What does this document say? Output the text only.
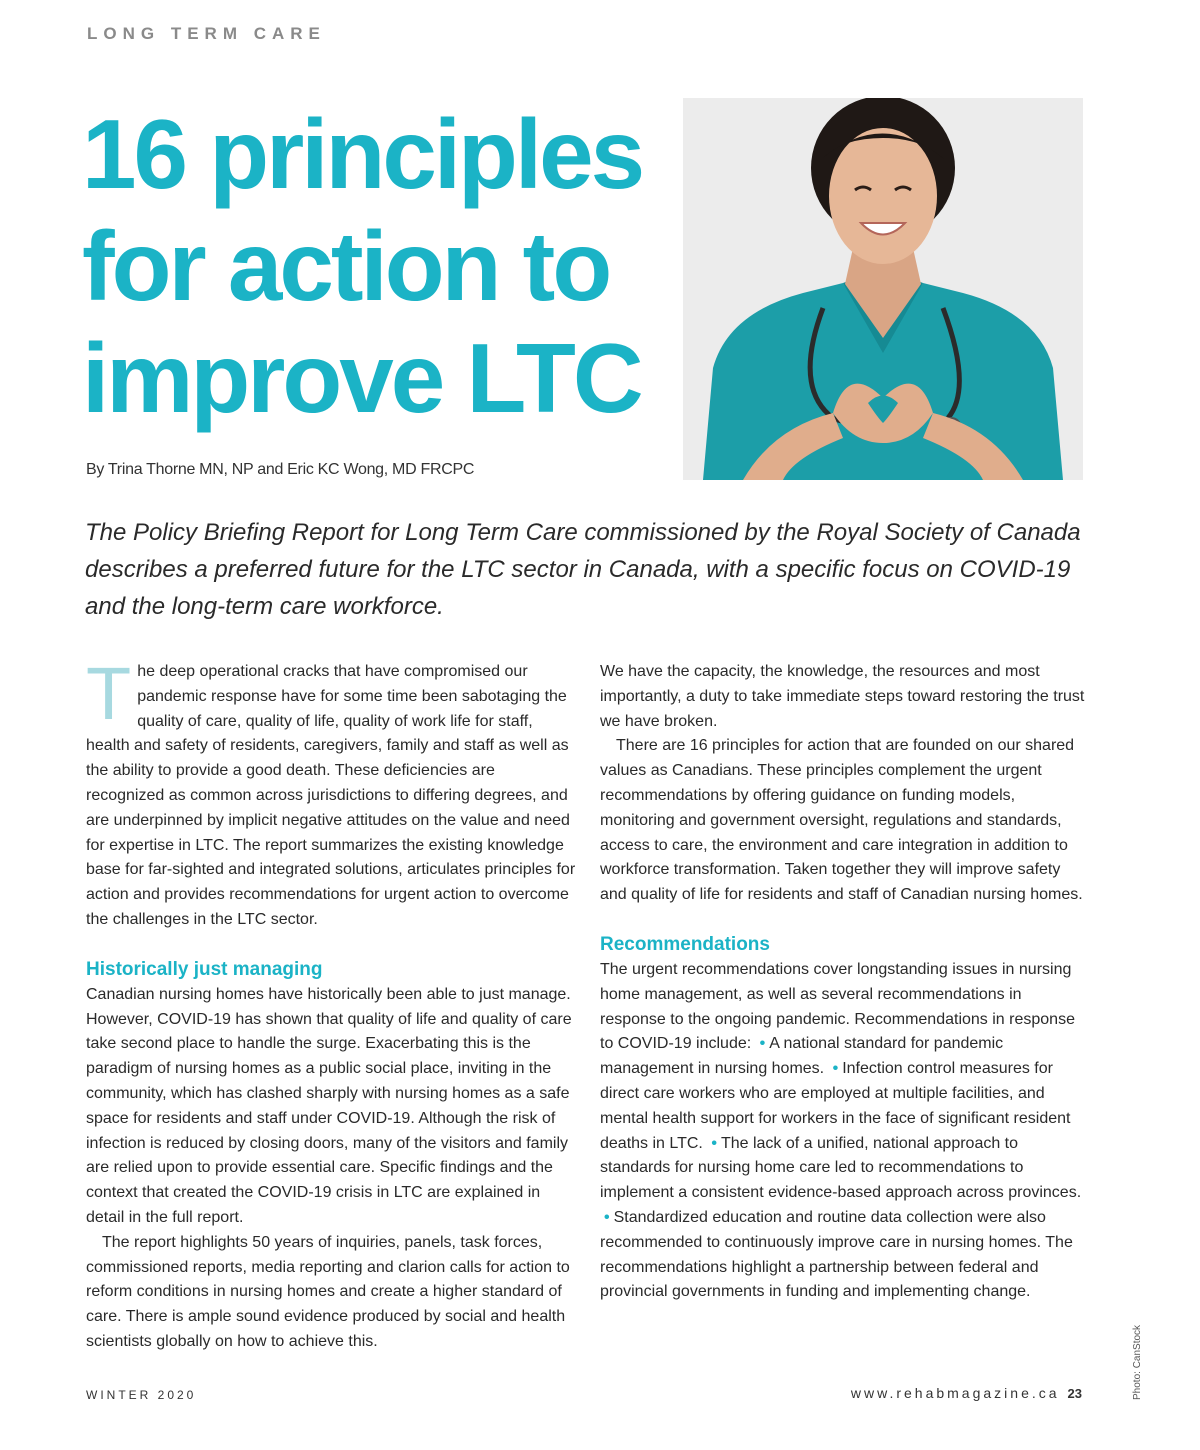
LONG TERM CARE
16 principles
for action to
improve LTC
By Trina Thorne MN, NP and Eric KC Wong, MD FRCPC

The Policy Briefing Report for Long Term Care commissioned by the Royal Society of Canada describes a preferred future for the LTC sector in Canada, with a specific focus on COVID-19 and the long-term care workforce.

The deep operational cracks that have compromised our pandemic response have for some time been sabotaging the quality of care, quality of life, quality of work life for staff, health and safety of residents, caregivers, family and staff as well as the ability to provide a good death. These deficiencies are recognized as common across jurisdictions to differing degrees, and are underpinned by implicit negative attitudes on the value and need for expertise in LTC. The report summarizes the existing knowledge base for far-sighted and integrated solutions, articulates principles for action and provides recommendations for urgent action to overcome the challenges in the LTC sector.

Historically just managing

Canadian nursing homes have historically been able to just manage. However, COVID-19 has shown that quality of life and quality of care take second place to handle the surge. Exacerbating this is the paradigm of nursing homes as a public social place, inviting in the community, which has clashed sharply with nursing homes as a safe space for residents and staff under COVID-19. Although the risk of infection is reduced by closing doors, many of the visitors and family are relied upon to provide essential care. Specific findings and the context that created the COVID-19 crisis in LTC are explained in detail in the full report.

The report highlights 50 years of inquiries, panels, task forces, commissioned reports, media reporting and clarion calls for action to reform conditions in nursing homes and create a higher standard of care. There is ample sound evidence produced by social and health scientists globally on how to achieve this.

We have the capacity, the knowledge, the resources and most importantly, a duty to take immediate steps toward restoring the trust we have broken.

There are 16 principles for action that are founded on our shared values as Canadians. These principles complement the urgent recommendations by offering guidance on funding models, monitoring and government oversight, regulations and standards, access to care, the environment and care integration in addition to workforce transformation. Taken together they will improve safety and quality of life for residents and staff of Canadian nursing homes.

Recommendations

The urgent recommendations cover longstanding issues in nursing home management, as well as several recommendations in response to the ongoing pandemic. Recommendations in response to COVID-19 include: • A national standard for pandemic management in nursing homes. • Infection control measures for direct care workers who are employed at multiple facilities, and mental health support for workers in the face of significant resident deaths in LTC. • The lack of a unified, national approach to standards for nursing home care led to recommendations to implement a consistent evidence-based approach across provinces. • Standardized education and routine data collection were also recommended to continuously improve care in nursing homes. The recommendations highlight a partnership between federal and provincial governments in funding and implementing change.

Photo: CanStock
WINTER 2020	www.rehabmagazine.ca 23
